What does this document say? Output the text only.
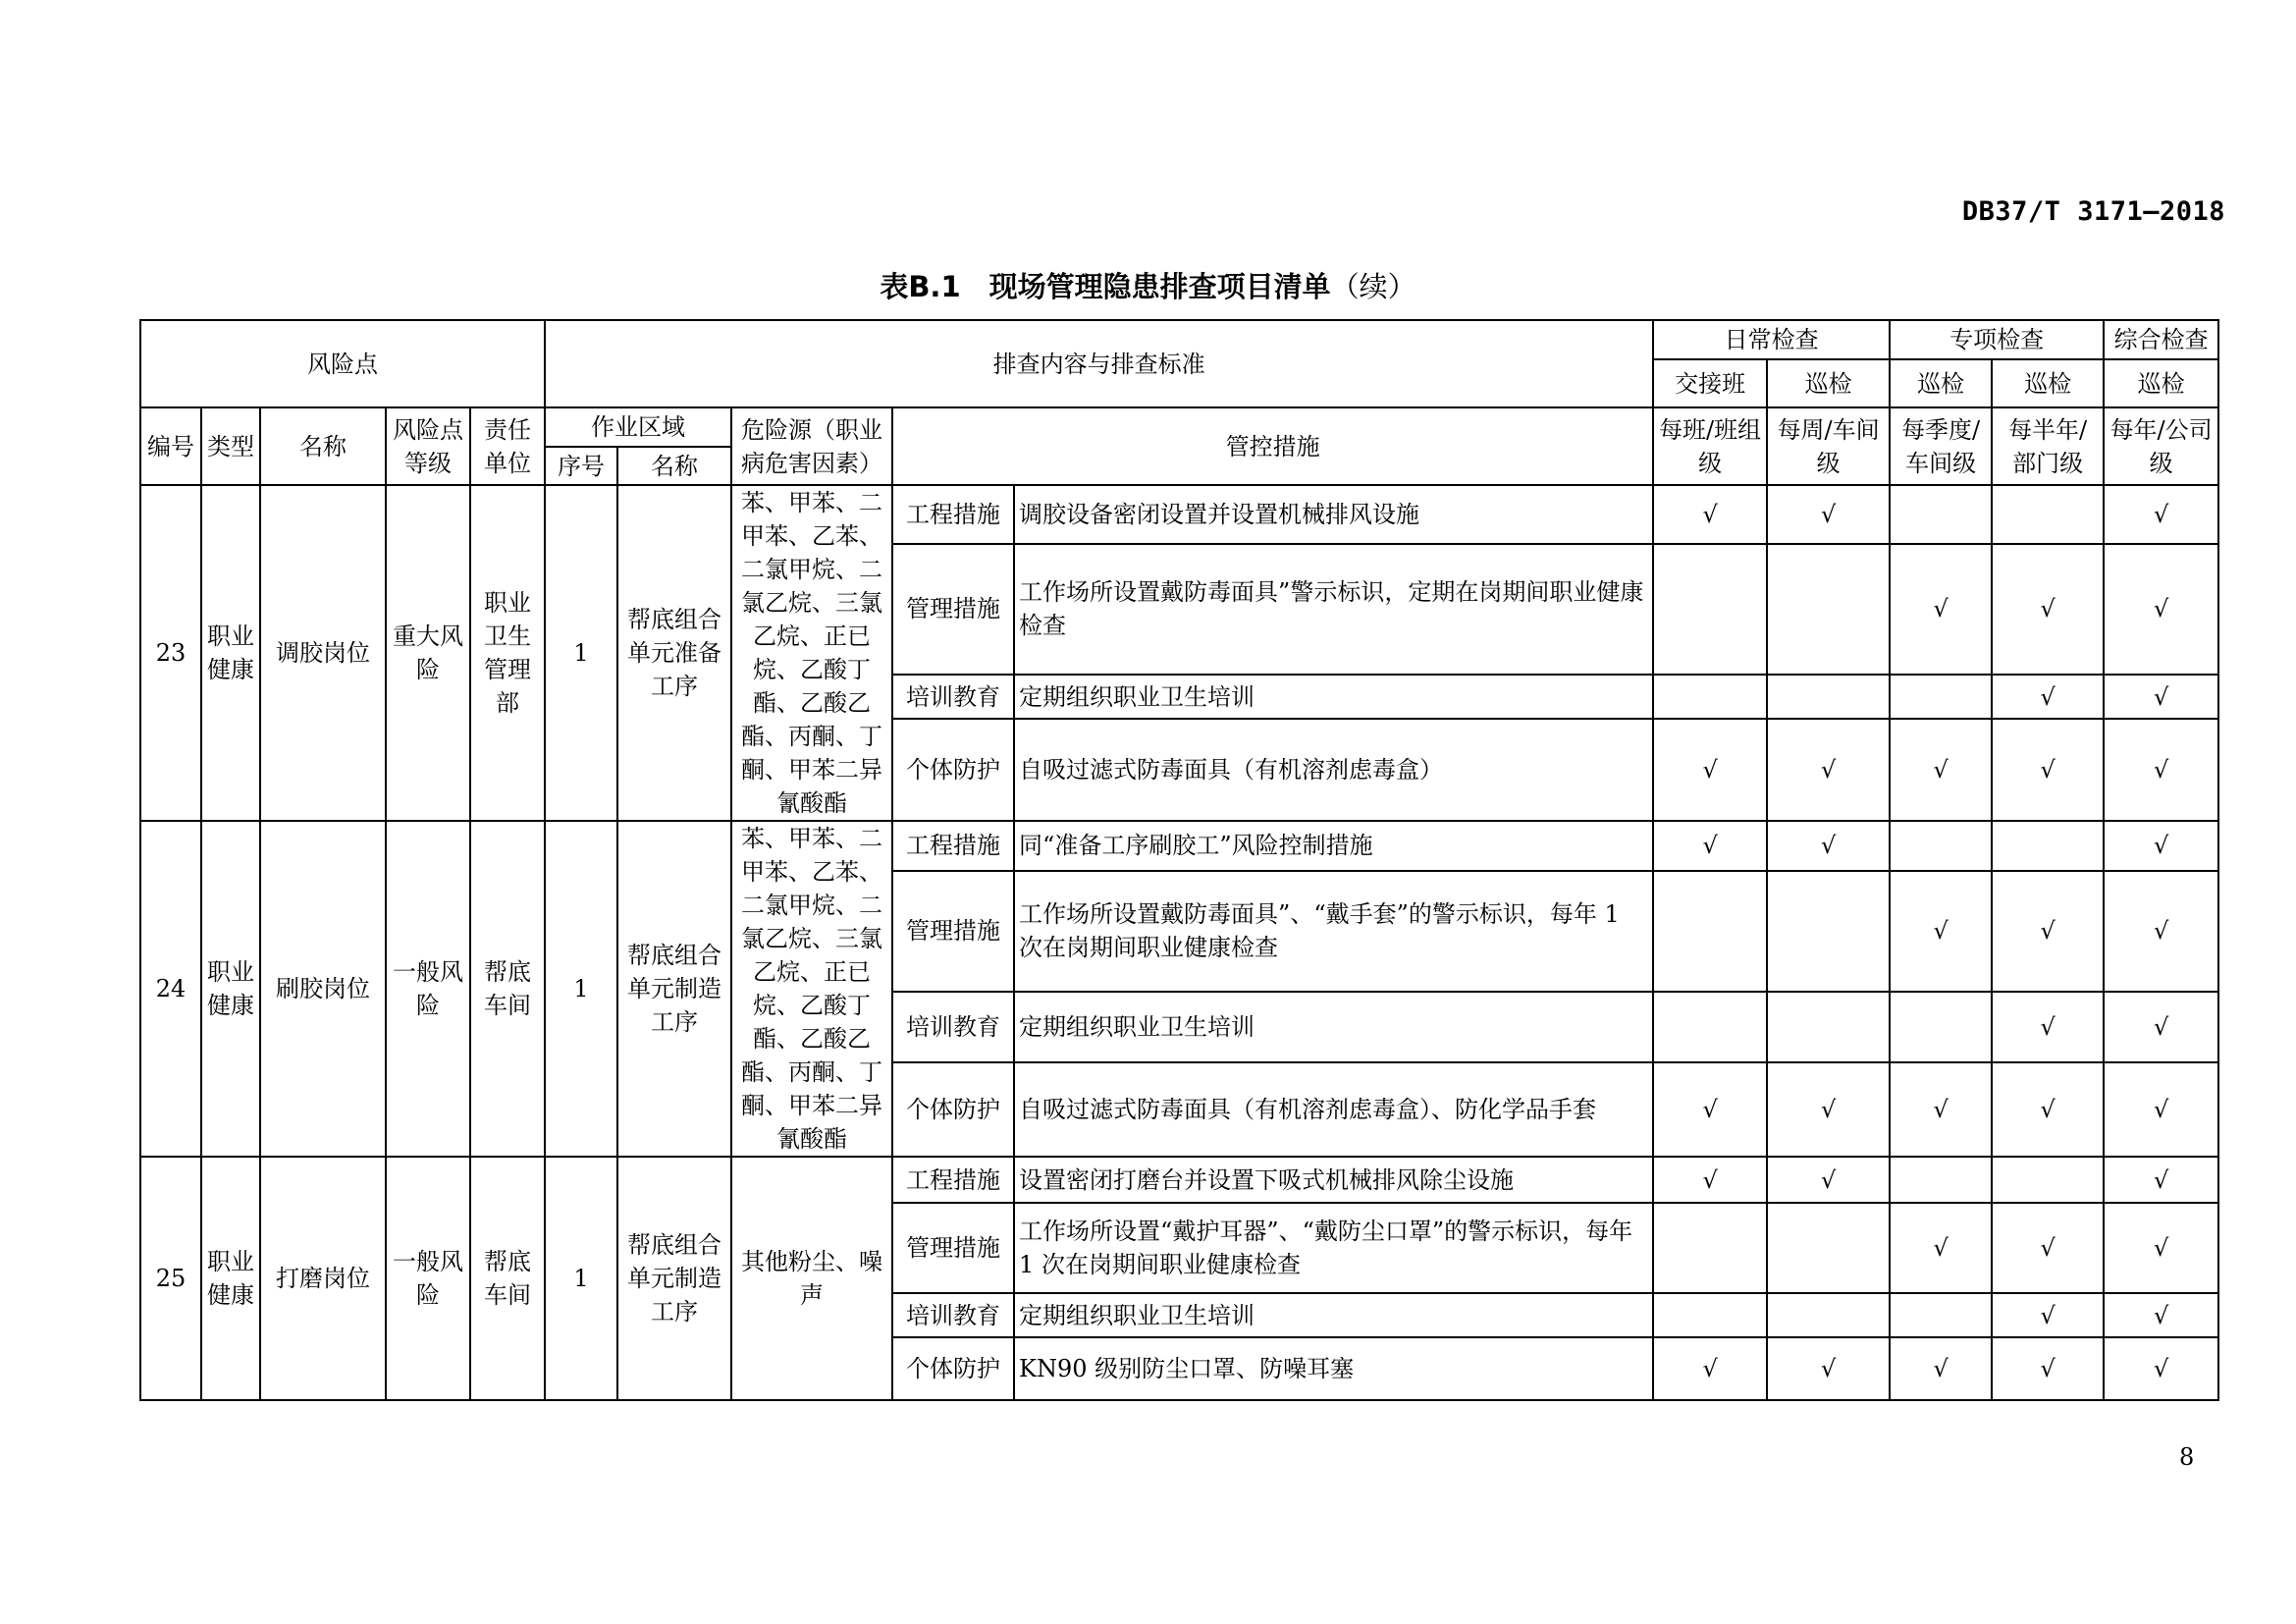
DB37/T 3171—2018
表B.1　现场管理隐患排查项目清单（续）
风险点					排查内容与排查标准					日常检查		专项检查		综合检查
										交接班	巡检	巡检	巡检	巡检
编号	类型	名称	风险点等级	责任单位	作业区域		危险源（职业病危害因素）	管控措施		每班/班组级	每周/车间级	每季度/车间级	每半年/部门级	每年/公司级
					序号	名称								
23	职业健康	调胶岗位	重大风险	职业卫生管理部	1	帮底组合单元准备工序	苯、甲苯、二甲苯、乙苯、二氯甲烷、二氯乙烷、三氯乙烷、正已烷、乙酸丁酯、乙酸乙酯、丙酮、丁酮、甲苯二异氰酸酯	工程措施	调胶设备密闭设置并设置机械排风设施	√	√			√
								管理措施	工作场所设置戴防毒面具”警示标识，定期在岗期间职业健康检查			√	√	√
								培训教育	定期组织职业卫生培训				√	√
								个体防护	自吸过滤式防毒面具（有机溶剂虑毒盒）	√	√	√	√	√
24	职业健康	刷胶岗位	一般风险	帮底车间	1	帮底组合单元制造工序	苯、甲苯、二甲苯、乙苯、二氯甲烷、二氯乙烷、三氯乙烷、正已烷、乙酸丁酯、乙酸乙酯、丙酮、丁酮、甲苯二异氰酸酯	工程措施	同“准备工序刷胶工”风险控制措施	√	√			√
								管理措施	工作场所设置戴防毒面具”、“戴手套”的警示标识，每年 1 次在岗期间职业健康检查			√	√	√
								培训教育	定期组织职业卫生培训				√	√
								个体防护	自吸过滤式防毒面具（有机溶剂虑毒盒）、防化学品手套	√	√	√	√	√
25	职业健康	打磨岗位	一般风险	帮底车间	1	帮底组合单元制造工序	其他粉尘、噪声	工程措施	设置密闭打磨台并设置下吸式机械排风除尘设施	√	√			√
								管理措施	工作场所设置“戴护耳器”、“戴防尘口罩”的警示标识，每年 1 次在岗期间职业健康检查			√	√	√
								培训教育	定期组织职业卫生培训				√	√
								个体防护	KN90 级别防尘口罩、防噪耳塞	√	√	√	√	√
8
